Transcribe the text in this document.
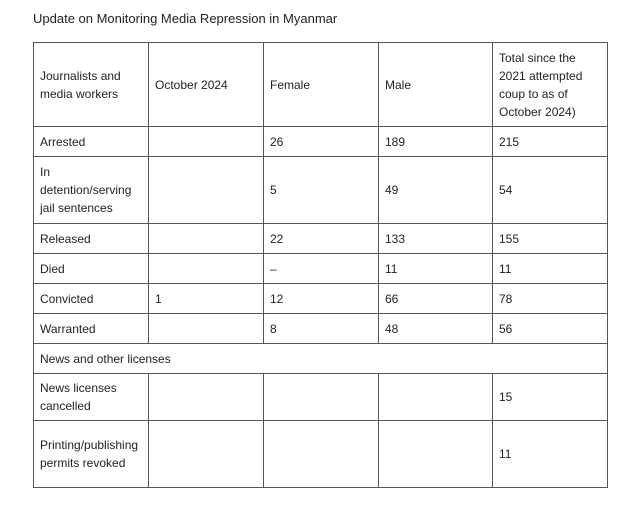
Update on Monitoring Media Repression in Myanmar
Journalists and media workers	October 2024	Female	Male	Total since the 2021 attempted coup to as of October 2024)
Arrested		26	189	215
In detention/serving jail sentences		5	49	54
Released		22	133	155
Died		–	11	11
Convicted	1	12	66	78
Warranted		8	48	56
News and other licenses				
News licenses cancelled				15
Printing/publishing permits revoked				11
